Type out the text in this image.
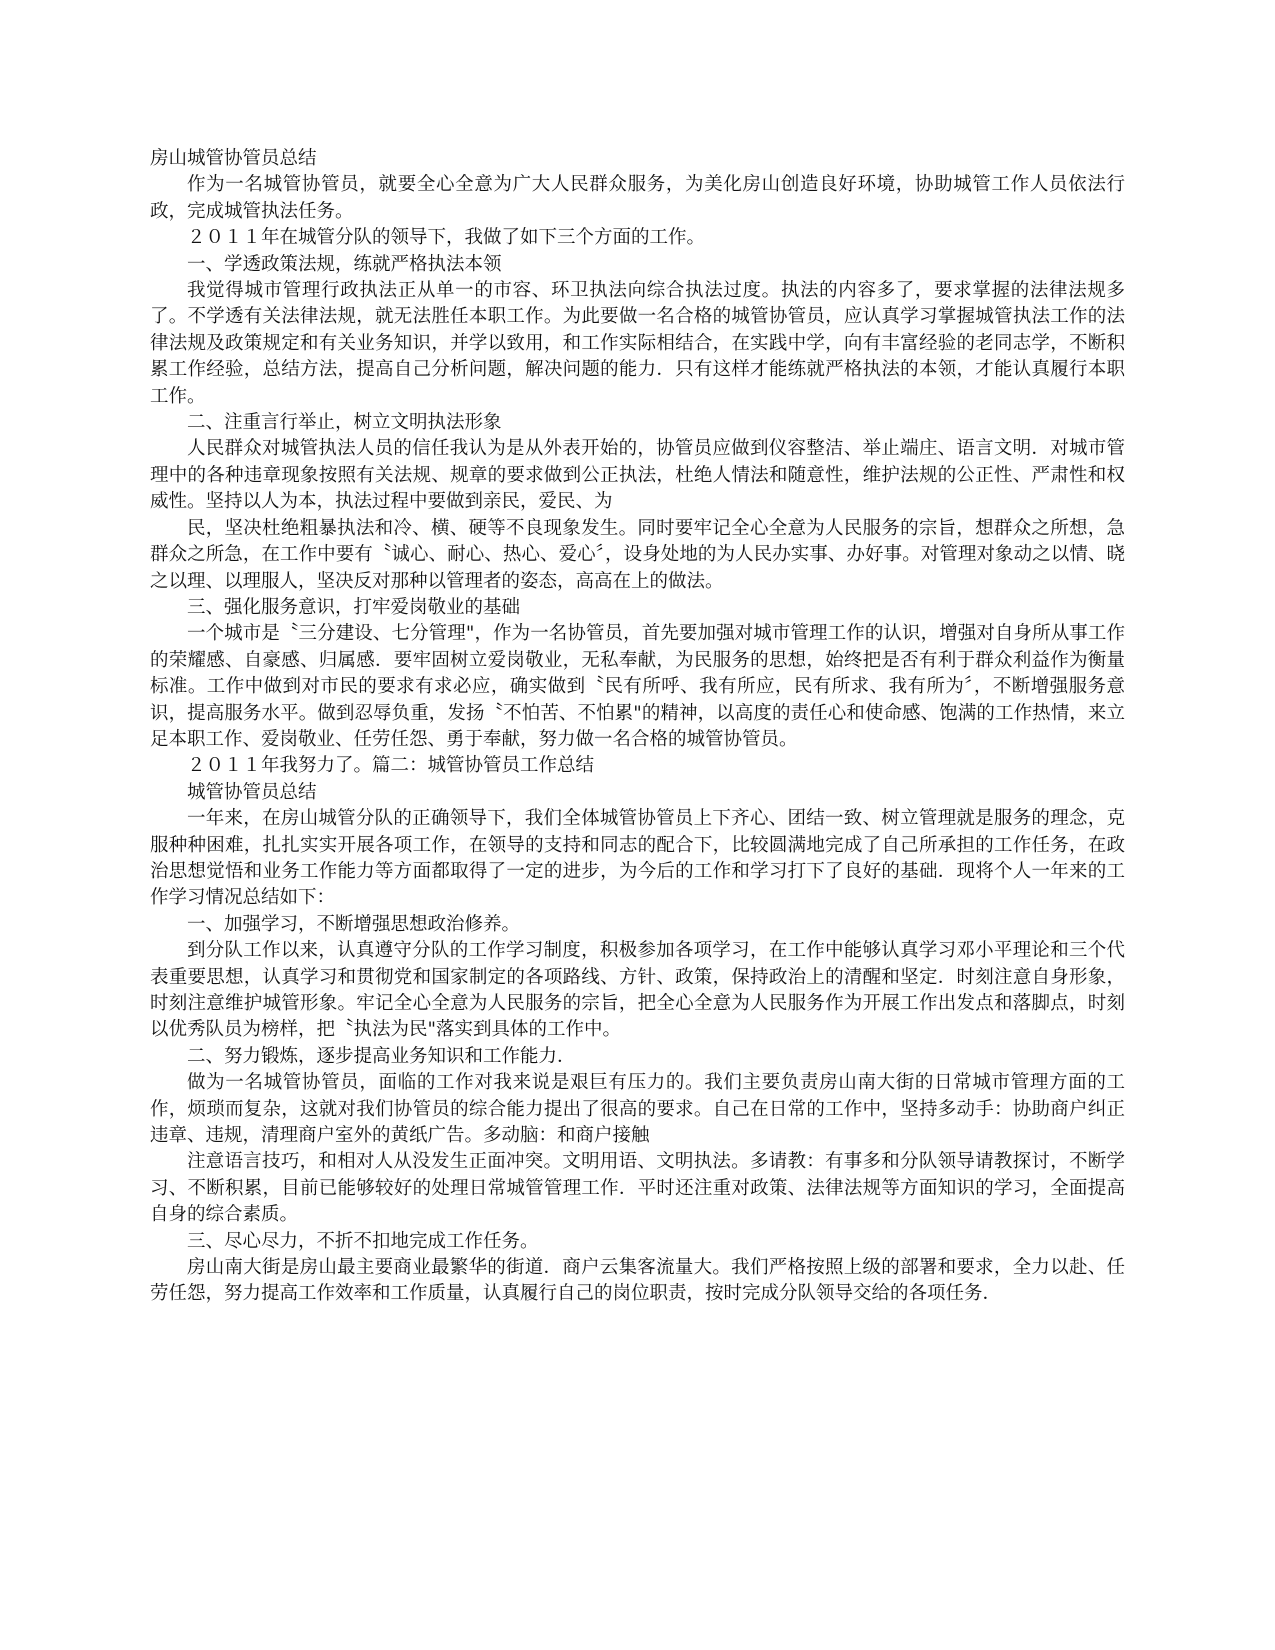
房山城管协管员总结

作为一名城管协管员，就要全心全意为广大人民群众服务，为美化房山创造良好环境，协助城管工作人员依法行政，完成城管执法任务。

２０１１年在城管分队的领导下，我做了如下三个方面的工作。

一、学透政策法规，练就严格执法本领

我觉得城市管理行政执法正从单一的市容、环卫执法向综合执法过度。执法的内容多了，要求掌握的法律法规多了。不学透有关法律法规，就无法胜任本职工作。为此要做一名合格的城管协管员，应认真学习掌握城管执法工作的法律法规及政策规定和有关业务知识，并学以致用，和工作实际相结合，在实践中学，向有丰富经验的老同志学，不断积累工作经验，总结方法，提高自己分析问题，解决问题的能力．只有这样才能练就严格执法的本领，才能认真履行本职工作。

二、注重言行举止，树立文明执法形象

人民群众对城管执法人员的信任我认为是从外表开始的，协管员应做到仪容整洁、举止端庄、语言文明．对城市管理中的各种违章现象按照有关法规、规章的要求做到公正执法，杜绝人情法和随意性，维护法规的公正性、严肃性和权威性。坚持以人为本，执法过程中要做到亲民，爱民、为

民，坚决杜绝粗暴执法和冷、横、硬等不良现象发生。同时要牢记全心全意为人民服务的宗旨，想群众之所想，急群众之所急，在工作中要有〝诚心、耐心、热心、爱心〞，设身处地的为人民办实事、办好事。对管理对象动之以情、晓之以理、以理服人，坚决反对那种以管理者的姿态，高高在上的做法。

三、强化服务意识，打牢爱岗敬业的基础

一个城市是〝三分建设、七分管理"，作为一名协管员，首先要加强对城市管理工作的认识，增强对自身所从事工作的荣耀感、自豪感、归属感．要牢固树立爱岗敬业，无私奉献，为民服务的思想，始终把是否有利于群众利益作为衡量标准。工作中做到对市民的要求有求必应，确实做到〝民有所呼、我有所应，民有所求、我有所为〞，不断增强服务意识，提高服务水平。做到忍辱负重，发扬〝不怕苦、不怕累"的精神，以高度的责任心和使命感、饱满的工作热情，来立足本职工作、爱岗敬业、任劳任怨、勇于奉献，努力做一名合格的城管协管员。

２０１１年我努力了。篇二：城管协管员工作总结

城管协管员总结

一年来，在房山城管分队的正确领导下，我们全体城管协管员上下齐心、团结一致、树立管理就是服务的理念，克服种种困难，扎扎实实开展各项工作，在领导的支持和同志的配合下，比较圆满地完成了自己所承担的工作任务，在政治思想觉悟和业务工作能力等方面都取得了一定的进步，为今后的工作和学习打下了良好的基础．现将个人一年来的工作学习情况总结如下：

一、加强学习，不断增强思想政治修养。

到分队工作以来，认真遵守分队的工作学习制度，积极参加各项学习，在工作中能够认真学习邓小平理论和三个代表重要思想，认真学习和贯彻党和国家制定的各项路线、方针、政策，保持政治上的清醒和坚定．时刻注意自身形象，时刻注意维护城管形象。牢记全心全意为人民服务的宗旨，把全心全意为人民服务作为开展工作出发点和落脚点，时刻以优秀队员为榜样，把〝执法为民"落实到具体的工作中。

二、努力锻炼，逐步提高业务知识和工作能力．

做为一名城管协管员，面临的工作对我来说是艰巨有压力的。我们主要负责房山南大街的日常城市管理方面的工作，烦琐而复杂，这就对我们协管员的综合能力提出了很高的要求。自己在日常的工作中，坚持多动手：协助商户纠正违章、违规，清理商户室外的黄纸广告。多动脑：和商户接触

注意语言技巧，和相对人从没发生正面冲突。文明用语、文明执法。多请教：有事多和分队领导请教探讨，不断学习、不断积累，目前已能够较好的处理日常城管管理工作．平时还注重对政策、法律法规等方面知识的学习，全面提高自身的综合素质。

三、尽心尽力，不折不扣地完成工作任务。

房山南大街是房山最主要商业最繁华的街道．商户云集客流量大。我们严格按照上级的部署和要求，全力以赴、任劳任怨，努力提高工作效率和工作质量，认真履行自己的岗位职责，按时完成分队领导交给的各项任务．
